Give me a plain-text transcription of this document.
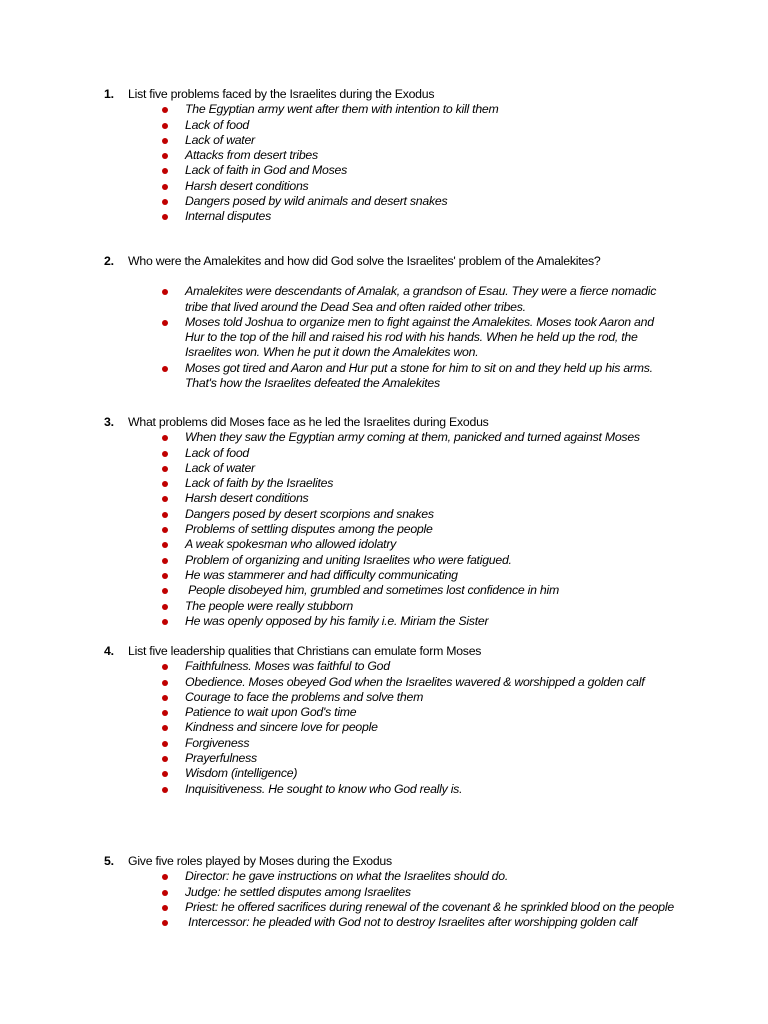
1.	List five problems faced by the Israelites during the Exodus
The Egyptian army went after them with intention to kill them
Lack of food
Lack of water
Attacks from desert tribes
Lack of faith in God and Moses
Harsh desert conditions
Dangers posed by wild animals and desert snakes
Internal disputes
2.	Who were the Amalekites and how did God solve the Israelites' problem of the Amalekites?
Amalekites were descendants of Amalak, a grandson of Esau. They were a fierce nomadic tribe that lived around the Dead Sea and often raided other tribes.
Moses told Joshua to organize men to fight against the Amalekites. Moses took Aaron and Hur to the top of the hill and raised his rod with his hands. When he held up the rod, the Israelites won. When he put it down the Amalekites won.
Moses got tired and Aaron and Hur put a stone for him to sit on and they held up his arms. That's how the Israelites defeated the Amalekites
3.	What problems did Moses face as he led the Israelites during Exodus
When they saw the Egyptian army coming at them, panicked and turned against Moses
Lack of food
Lack of water
Lack of faith by the Israelites
Harsh desert conditions
Dangers posed by desert scorpions and snakes
Problems of settling disputes among the people
A weak spokesman who allowed idolatry
Problem of organizing and uniting Israelites who were fatigued.
He was stammerer and had difficulty communicating
People disobeyed him, grumbled and sometimes lost confidence in him
The people were really stubborn
He was openly opposed by his family i.e. Miriam the Sister
4.	List five leadership qualities that Christians can emulate form Moses
Faithfulness. Moses was faithful to God
Obedience. Moses obeyed God when the Israelites wavered & worshipped a golden calf
Courage to face the problems and solve them
Patience to wait upon God's time
Kindness and sincere love for people
Forgiveness
Prayerfulness
Wisdom (intelligence)
Inquisitiveness. He sought to know who God really is.
5.	Give five roles played by Moses during the Exodus
Director: he gave instructions on what the Israelites should do.
Judge: he settled disputes among Israelites
Priest: he offered sacrifices during renewal of the covenant & he sprinkled blood on the people
Intercessor: he pleaded with God not to destroy Israelites after worshipping golden calf
